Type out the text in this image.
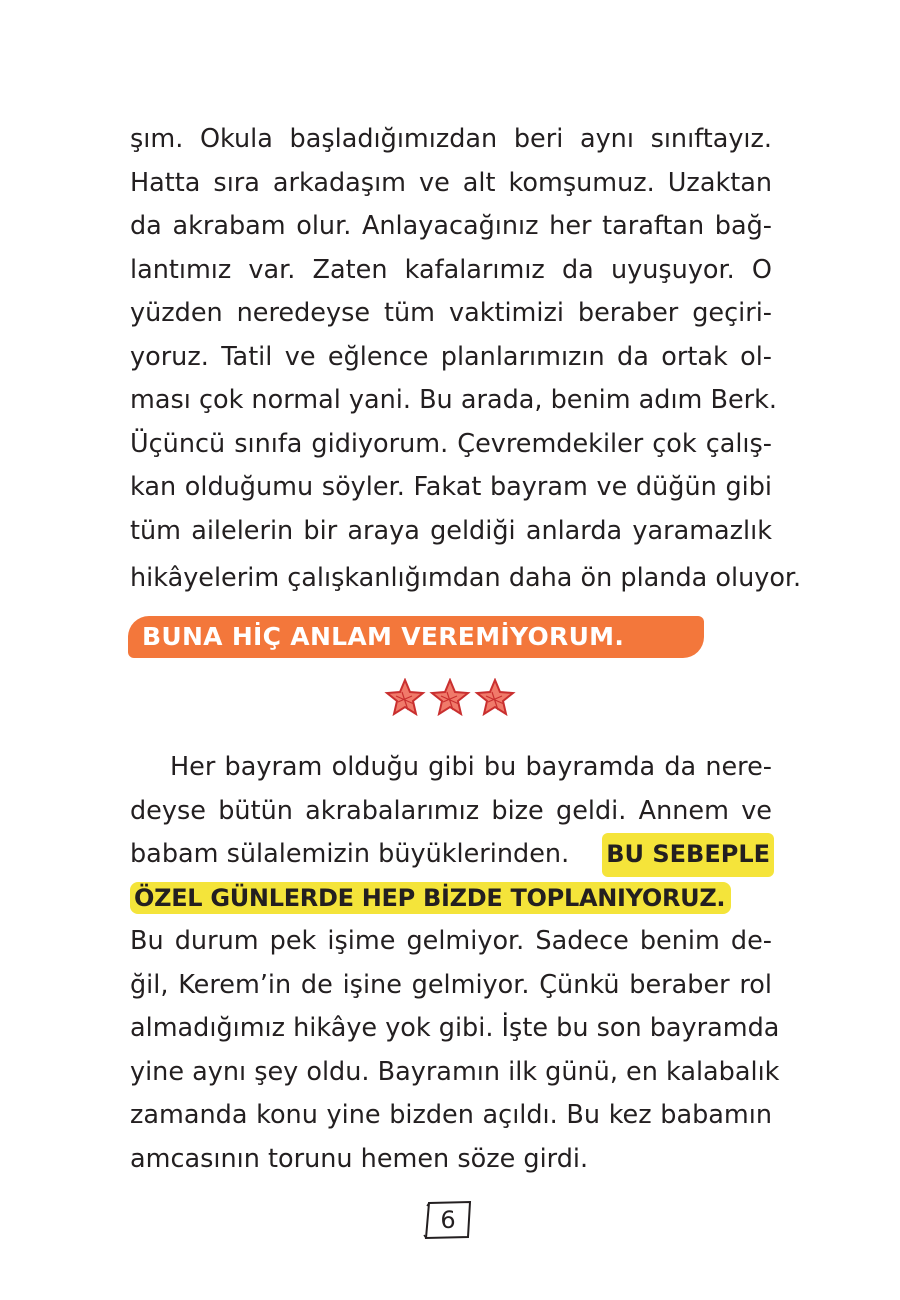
şım. Okula başladığımızdan beri aynı sınıftayız.
Hatta sıra arkadaşım ve alt komşumuz. Uzaktan
da akrabam olur. Anlayacağınız her taraftan bağ-
lantımız var. Zaten kafalarımız da uyuşuyor. O
yüzden neredeyse tüm vaktimizi beraber geçiri-
yoruz. Tatil ve eğlence planlarımızın da ortak ol-
ması çok normal yani. Bu arada, benim adım Berk.
Üçüncü sınıfa gidiyorum. Çevremdekiler çok çalış-
kan olduğumu söyler. Fakat bayram ve düğün gibi
tüm ailelerin bir araya geldiği anlarda yaramazlık
hikâyelerim çalışkanlığımdan daha ön planda oluyor.
BUNA HİÇ ANLAM VEREMİYORUM.
Her bayram olduğu gibi bu bayramda da nere-
deyse bütün akrabalarımız bize geldi. Annem ve
babam sülalemizin büyüklerinden. BU SEBEPLE
ÖZEL GÜNLERDE HEP BİZDE TOPLANIYORUZ.
Bu durum pek işime gelmiyor. Sadece benim de-
ğil, Kerem’in de işine gelmiyor. Çünkü beraber rol
almadığımız hikâye yok gibi. İşte bu son bayramda
yine aynı şey oldu. Bayramın ilk günü, en kalabalık
zamanda konu yine bizden açıldı. Bu kez babamın
amcasının torunu hemen söze girdi.
6
